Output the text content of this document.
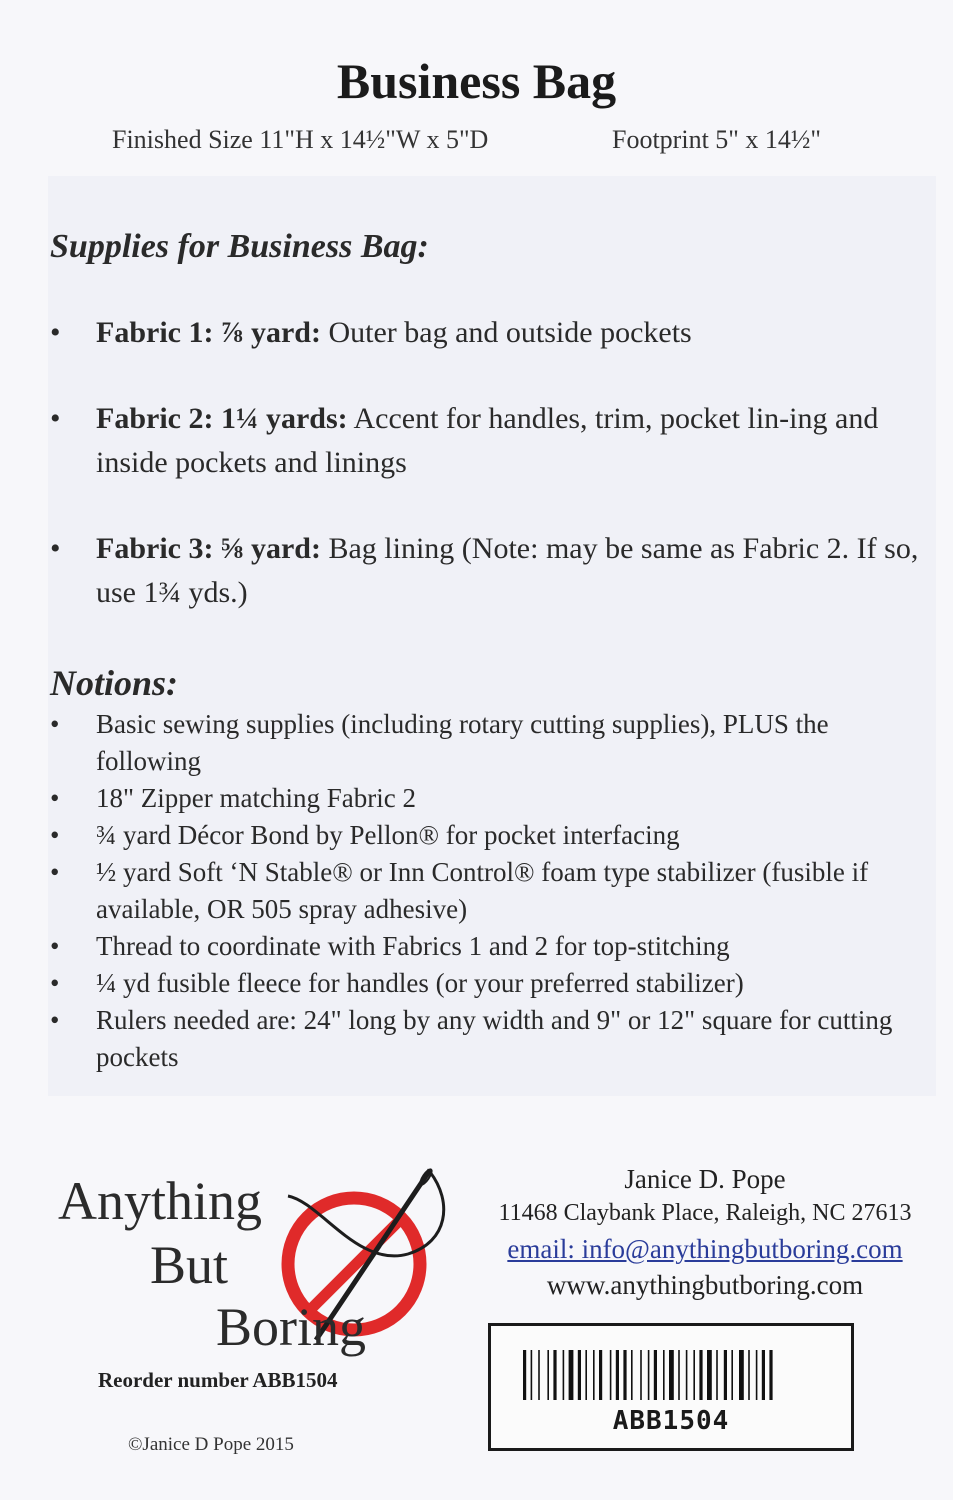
Business Bag
Finished Size 11"H x 14½"W x 5"D	Footprint 5" x 14½"
Supplies for Business Bag:
• Fabric 1: ⅞ yard: Outer bag and outside pockets
• Fabric 2: 1¼ yards: Accent for handles, trim, pocket lin-ing and inside pockets and linings
• Fabric 3: ⅝ yard: Bag lining (Note: may be same as Fabric 2. If so, use 1¾ yds.)
Notions:
• Basic sewing supplies (including rotary cutting supplies), PLUS the following
• 18" Zipper matching Fabric 2
• ¾ yard Décor Bond by Pellon® for pocket interfacing
• ½ yard Soft ‘N Stable® or Inn Control® foam type stabilizer (fusible if available, OR 505 spray adhesive)
• Thread to coordinate with Fabrics 1 and 2 for top-stitching
• ¼ yd fusible fleece for handles (or your preferred stabilizer)
• Rulers needed are: 24" long by any width and 9" or 12" square for cutting pockets
Anything
But
Boring
Reorder number ABB1504
©Janice D Pope 2015
Janice D. Pope
11468 Claybank Place, Raleigh, NC 27613
email: info@anythingbutboring.com
www.anythingbutboring.com
ABB1504
